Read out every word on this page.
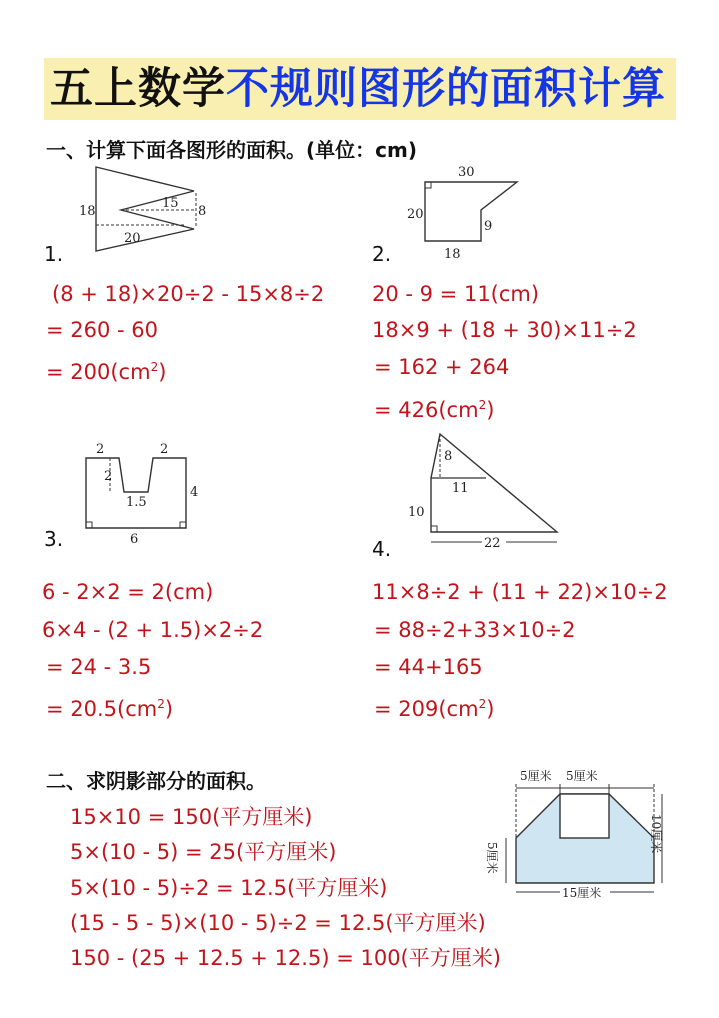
五上数学不规则图形的面积计算
一、计算下面各图形的面积。(单位：cm)
18
15
8
20
1.
(8 + 18)×20÷2 - 15×8÷2
= 260 - 60
= $200(cm^2)$
30
20
9
18
2.
20 - 9 = 11(cm)
18×9 + (18 + 30)×11÷2
= 162 + 264
= $426(cm^2)$
2	2
2
1.5
4
6
3.
6 - 2×2 = 2(cm)
6×4 - (2 + 1.5)×2÷2
= 24 - 3.5
= $20.5(cm^2)$
8
11
10
22
4.
11×8÷2 + (11 + 22)×10÷2
= 88÷2+33×10÷2
= 44+165
= $209(cm^2)$
二、求阴影部分的面积。	5厘米 5厘米
10厘米
5厘米
15厘米
15×10 = 150(平方厘米)
5×(10 - 5) = 25(平方厘米)
5×(10 - 5)÷2 = 12.5(平方厘米)
(15 - 5 - 5)×(10 - 5)÷2 = 12.5(平方厘米)
150 - (25 + 12.5 + 12.5) = 100(平方厘米)
